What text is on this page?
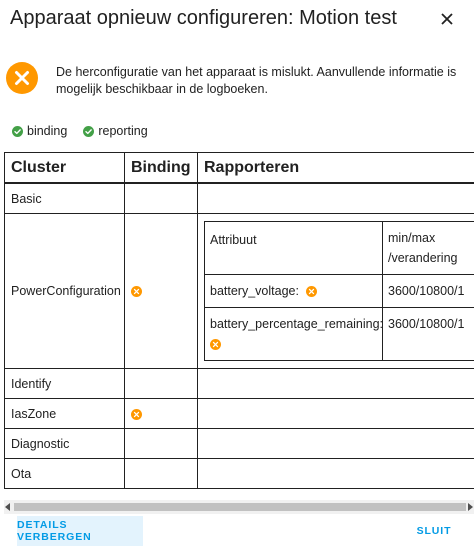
Apparaat opnieuw configureren: Motion test
De herconfiguratie van het apparaat is mislukt. Aanvullende informatie is mogelijk beschikbaar in de logboeken.
binding reporting
Cluster	Binding	Rapporteren
Basic		
PowerConfiguration		
Attribuut	min/max /verandering
battery_voltage:	3600/10800/1
battery_percentage_remaining:	3600/10800/1

Identify		
IasZone		
Diagnostic		
Ota		
DETAILS VERBERGEN	SLUIT
